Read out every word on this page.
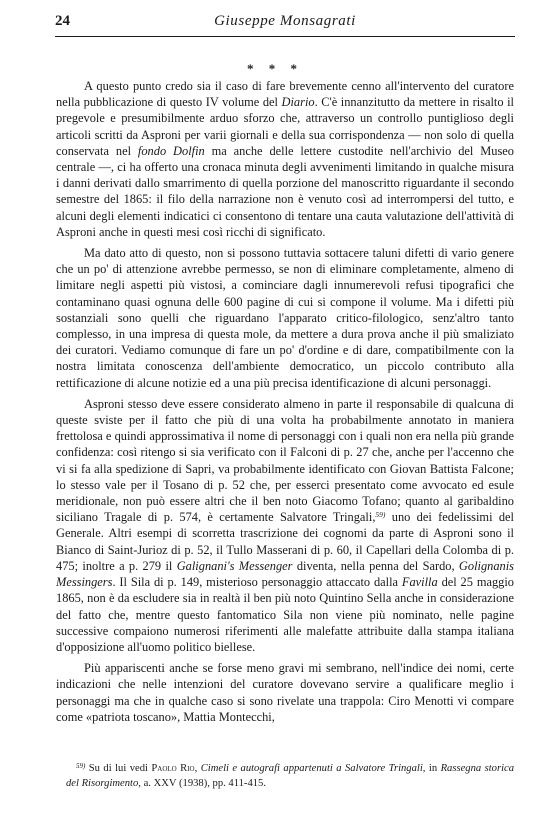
24	Giuseppe Monsagrati
* * *

A questo punto credo sia il caso di fare brevemente cenno all'intervento del curatore nella pubblicazione di questo IV volume del Diario. C'è innanzitutto da mettere in risalto il pregevole e presumibilmente arduo sforzo che, attraverso un controllo puntiglioso degli articoli scritti da Asproni per varii giornali e della sua corrispondenza — non solo di quella conservata nel fondo Dolfin ma anche delle lettere custodite nell'archivio del Museo centrale —, ci ha offerto una cronaca minuta degli avvenimenti limitando in qualche misura i danni derivati dallo smarrimento di quella porzione del manoscritto riguardante il secondo semestre del 1865: il filo della narrazione non è venuto così ad interrompersi del tutto, e alcuni degli elementi indicatici ci consentono di tentare una cauta valutazione dell'attività di Asproni anche in questi mesi così ricchi di significato.

Ma dato atto di questo, non si possono tuttavia sottacere taluni difetti di vario genere che un po' di attenzione avrebbe permesso, se non di eliminare completamente, almeno di limitare negli aspetti più vistosi, a cominciare dagli innumerevoli refusi tipografici che contaminano quasi ognuna delle 600 pagine di cui si compone il volume. Ma i difetti più sostanziali sono quelli che riguardano l'apparato critico-filologico, senz'altro tanto complesso, in una impresa di questa mole, da mettere a dura prova anche il più smaliziato dei curatori. Vediamo comunque di fare un po' d'ordine e di dare, compatibilmente con la nostra limitata conoscenza dell'ambiente democratico, un piccolo contributo alla rettificazione di alcune notizie ed a una più precisa identificazione di alcuni personaggi.

Asproni stesso deve essere considerato almeno in parte il responsabile di qualcuna di queste sviste per il fatto che più di una volta ha probabilmente annotato in maniera frettolosa e quindi approssimativa il nome di personaggi con i quali non era nella più grande confidenza: così ritengo si sia verificato con il Falconi di p. 27 che, anche per l'accenno che vi si fa alla spedizione di Sapri, va probabilmente identificato con Giovan Battista Falcone; lo stesso vale per il Tosano di p. 52 che, per esserci presentato come avvocato ed esule meridionale, non può essere altri che il ben noto Giacomo Tofano; quanto al garibaldino siciliano Tragale di p. 574, è certamente Salvatore Tringali,$^{59)}$ uno dei fedelissimi del Generale. Altri esempi di scorretta trascrizione dei cognomi da parte di Asproni sono il Bianco di Saint-Jurioz di p. 52, il Tullo Masserani di p. 60, il Capellari della Colomba di p. 475; inoltre a p. 279 il Galignani's Messenger diventa, nella penna del Sardo, Golignanis Messingers. Il Sila di p. 149, misterioso personaggio attaccato dalla Favilla del 25 maggio 1865, non è da escludere sia in realtà il ben più noto Quintino Sella anche in considerazione del fatto che, mentre questo fantomatico Sila non viene più nominato, nelle pagine successive compaiono numerosi riferimenti alle malefatte attribuite dalla stampa italiana d'opposizione all'uomo politico biellese.

Più appariscenti anche se forse meno gravi mi sembrano, nell'indice dei nomi, certe indicazioni che nelle intenzioni del curatore dovevano servire a qualificare meglio i personaggi ma che in qualche caso si sono rivelate una trappola: Ciro Menotti vi compare come «patriota toscano», Mattia Montecchi,

$^{59)}$ Su di lui vedi Paolo Rio, Cimeli e autografi appartenuti a Salvatore Tringali, in Rassegna storica del Risorgimento, a. XXV (1938), pp. 411-415.
